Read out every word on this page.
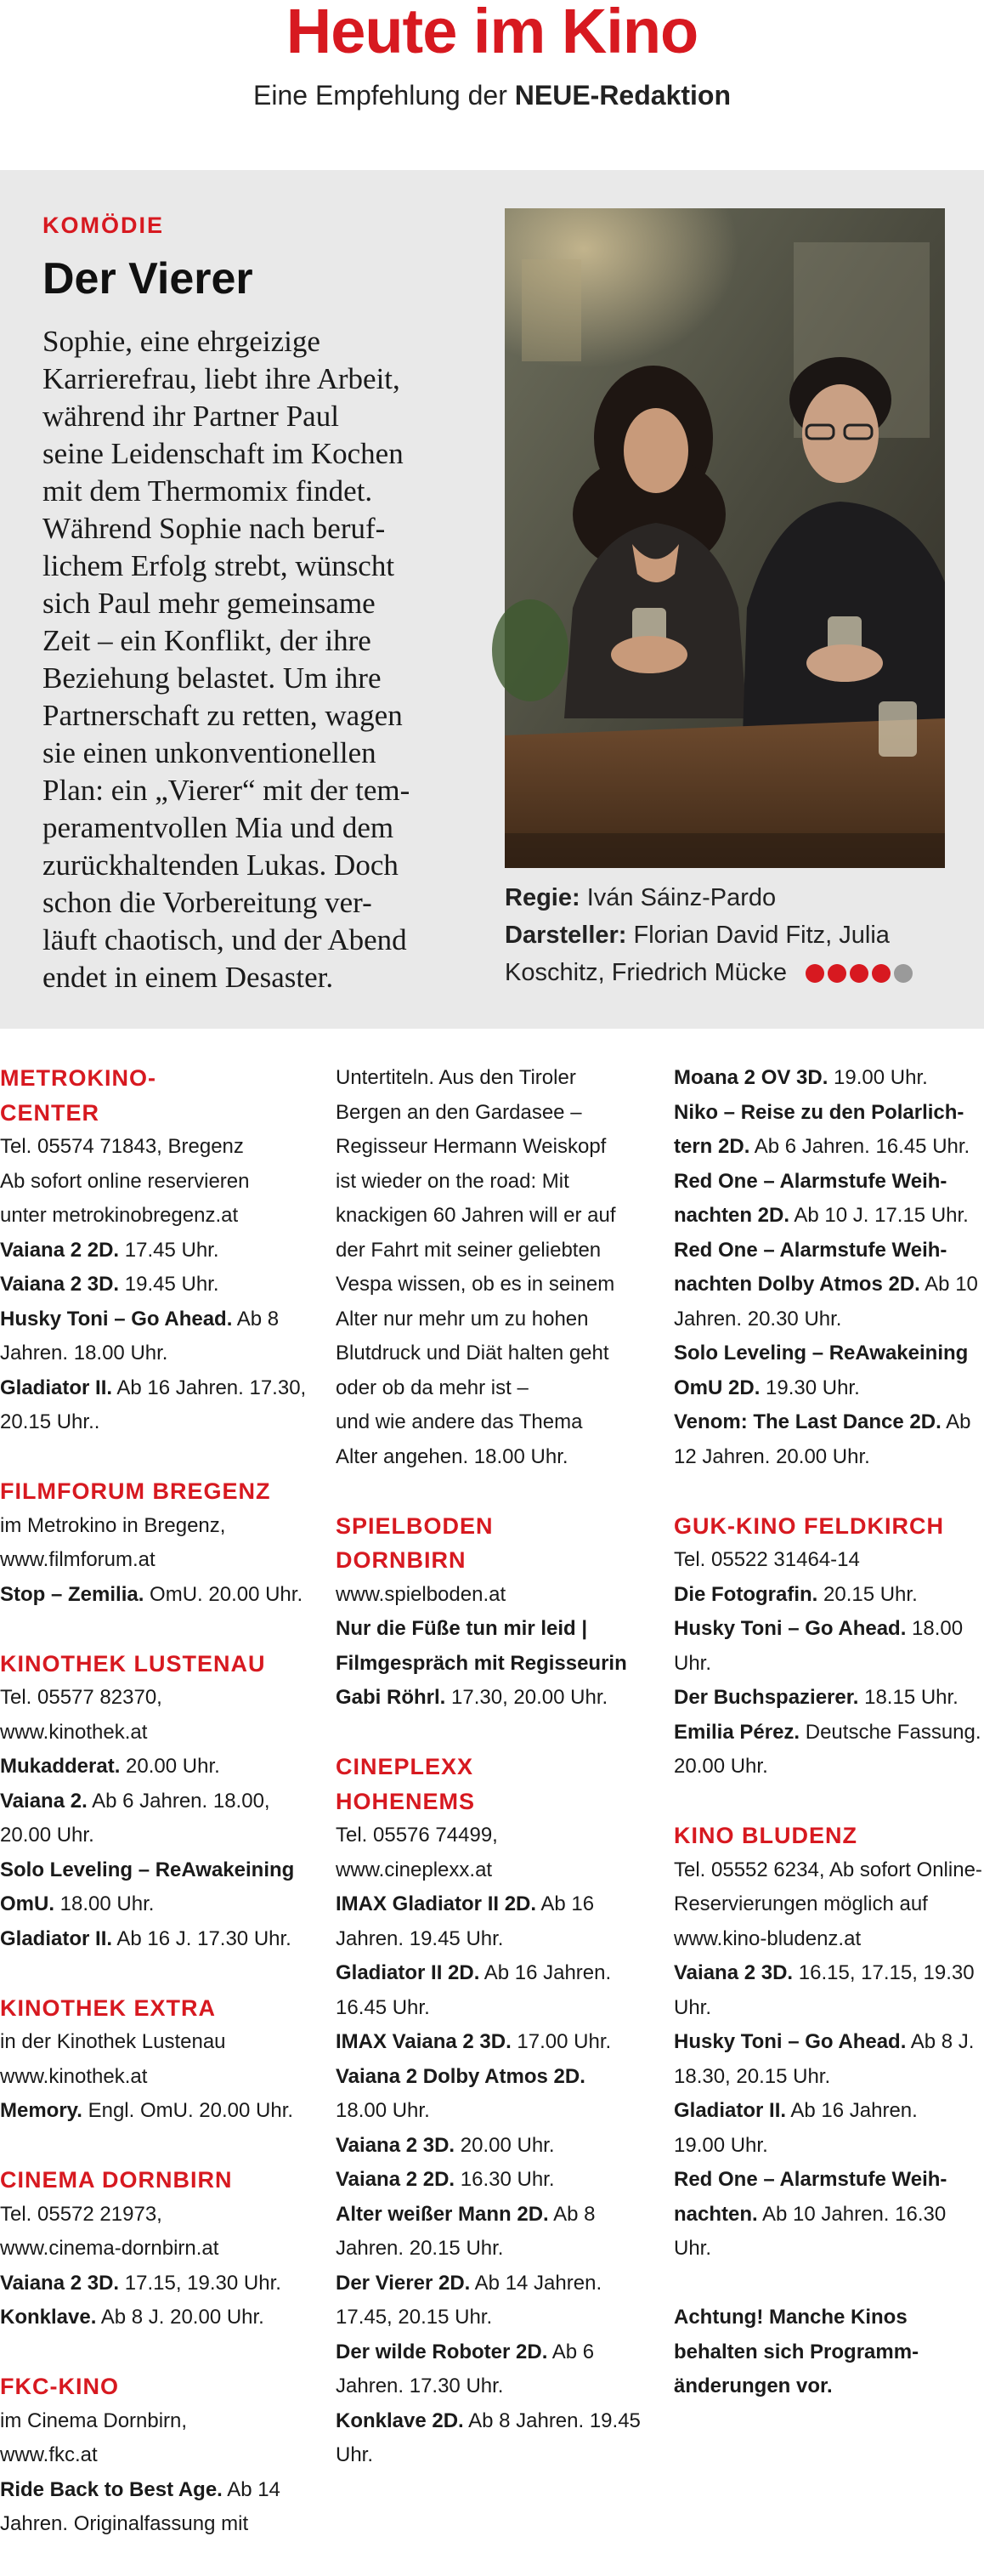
Heute im Kino
Eine Empfehlung der NEUE-Redaktion
KOMÖDIE
Der Vierer
Sophie, eine ehrgeizige
Karrierefrau, liebt ihre Arbeit,
während ihr Partner Paul
seine Leidenschaft im Kochen
mit dem Thermomix findet.
Während Sophie nach beruf-
lichem Erfolg strebt, wünscht
sich Paul mehr gemeinsame
Zeit – ein Konflikt, der ihre
Beziehung belastet. Um ihre
Partnerschaft zu retten, wagen
sie einen unkonventionellen
Plan: ein „Vierer“ mit der tem-
peramentvollen Mia und dem
zurückhaltenden Lukas. Doch
schon die Vorbereitung ver-
läuft chaotisch, und der Abend
endet in einem Desaster.
Regie: Iván Sáinz-Pardo
Darsteller: Florian David Fitz, Julia
Koschitz, Friedrich Mücke
METROKINO-
CENTER
Tel. 05574 71843, Bregenz
Ab sofort online reservieren
unter metrokinobregenz.at
Vaiana 2 2D. 17.45 Uhr.
Vaiana 2 3D. 19.45 Uhr.
Husky Toni – Go Ahead. Ab 8
Jahren. 18.00 Uhr.
Gladiator II. Ab 16 Jahren. 17.30,
20.15 Uhr..
FILMFORUM BREGENZ
im Metrokino in Bregenz,
www.filmforum.at
Stop – Zemilia. OmU. 20.00 Uhr.
KINOTHEK LUSTENAU
Tel. 05577 82370,
www.kinothek.at
Mukadderat. 20.00 Uhr.
Vaiana 2. Ab 6 Jahren. 18.00,
20.00 Uhr.
Solo Leveling – ReAwakeining
OmU. 18.00 Uhr.
Gladiator II. Ab 16 J. 17.30 Uhr.
KINOTHEK EXTRA
in der Kinothek Lustenau
www.kinothek.at
Memory. Engl. OmU. 20.00 Uhr.
CINEMA DORNBIRN
Tel. 05572 21973,
www.cinema-dornbirn.at
Vaiana 2 3D. 17.15, 19.30 Uhr.
Konklave. Ab 8 J. 20.00 Uhr.
FKC-KINO
im Cinema Dornbirn,
www.fkc.at
Ride Back to Best Age. Ab 14
Jahren. Originalfassung mit
Untertiteln. Aus den Tiroler
Bergen an den Gardasee –
Regisseur Hermann Weiskopf
ist wieder on the road: Mit
knackigen 60 Jahren will er auf
der Fahrt mit seiner geliebten
Vespa wissen, ob es in seinem
Alter nur mehr um zu hohen
Blutdruck und Diät halten geht
oder ob da mehr ist –
und wie andere das Thema
Alter angehen. 18.00 Uhr.
SPIELBODEN
DORNBIRN
www.spielboden.at
Nur die Füße tun mir leid |
Filmgespräch mit Regisseurin
Gabi Röhrl. 17.30, 20.00 Uhr.
CINEPLEXX
HOHENEMS
Tel. 05576 74499,
www.cineplexx.at
IMAX Gladiator II 2D. Ab 16
Jahren. 19.45 Uhr.
Gladiator II 2D. Ab 16 Jahren.
16.45 Uhr.
IMAX Vaiana 2 3D. 17.00 Uhr.
Vaiana 2 Dolby Atmos 2D.
18.00 Uhr.
Vaiana 2 3D. 20.00 Uhr.
Vaiana 2 2D. 16.30 Uhr.
Alter weißer Mann 2D. Ab 8
Jahren. 20.15 Uhr.
Der Vierer 2D. Ab 14 Jahren.
17.45, 20.15 Uhr.
Der wilde Roboter 2D. Ab 6
Jahren. 17.30 Uhr.
Konklave 2D. Ab 8 Jahren. 19.45
Uhr.
Moana 2 OV 3D. 19.00 Uhr.
Niko – Reise zu den Polarlich-
tern 2D. Ab 6 Jahren. 16.45 Uhr.
Red One – Alarmstufe Weih-
nachten 2D. Ab 10 J. 17.15 Uhr.
Red One – Alarmstufe Weih-
nachten Dolby Atmos 2D. Ab 10
Jahren. 20.30 Uhr.
Solo Leveling – ReAwakeining
OmU 2D. 19.30 Uhr.
Venom: The Last Dance 2D. Ab
12 Jahren. 20.00 Uhr.
GUK-KINO FELDKIRCH
Tel. 05522 31464-14
Die Fotografin. 20.15 Uhr.
Husky Toni – Go Ahead. 18.00
Uhr.
Der Buchspazierer. 18.15 Uhr.
Emilia Pérez. Deutsche Fassung.
20.00 Uhr.
KINO BLUDENZ
Tel. 05552 6234, Ab sofort Online-
Reservierungen möglich auf
www.kino-bludenz.at
Vaiana 2 3D. 16.15, 17.15, 19.30
Uhr.
Husky Toni – Go Ahead. Ab 8 J.
18.30, 20.15 Uhr.
Gladiator II. Ab 16 Jahren.
19.00 Uhr.
Red One – Alarmstufe Weih-
nachten. Ab 10 Jahren. 16.30
Uhr.
Achtung! Manche Kinos
behalten sich Programm-
änderungen vor.
